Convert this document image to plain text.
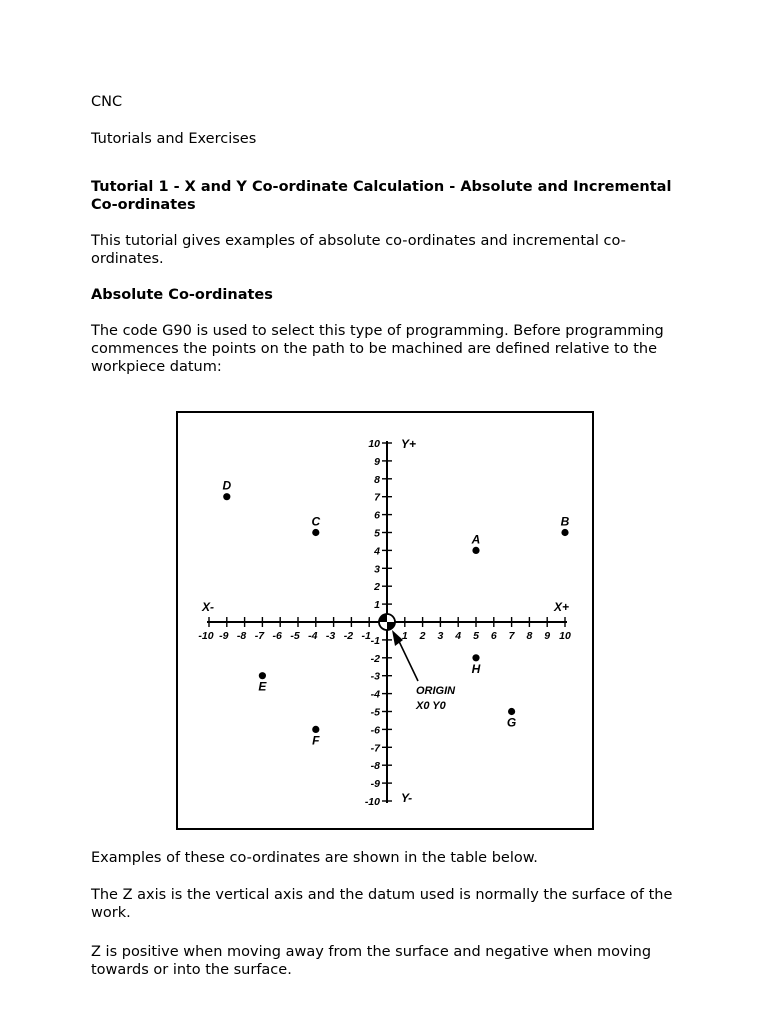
CNC

Tutorials and Exercises

Tutorial 1 - X and Y Co-ordinate Calculation - Absolute and Incremental Co-ordinates

This tutorial gives examples of absolute co-ordinates and incremental co-ordinates.

Absolute Co-ordinates

The code G90 is used to select this type of programming. Before programming commences the points on the path to be machined are defined relative to the workpiece datum:

X-	X+
Y+
Y-
-10 -9 -8 -7 -6 -5 -4 -3 -2 -1	1 2 3 4 5 6 7 8 9 10
10
9
8
7
6
5
4
3
2
1
-1
-2
-3
-4
-5
-6
-7
-8
-9
-10
A
B
C
D
E
F
G
H
ORIGIN
X0 Y0

Examples of these co-ordinates are shown in the table below.

The Z axis is the vertical axis and the datum used is normally the surface of the work.

Z is positive when moving away from the surface and negative when moving towards or into the surface.
